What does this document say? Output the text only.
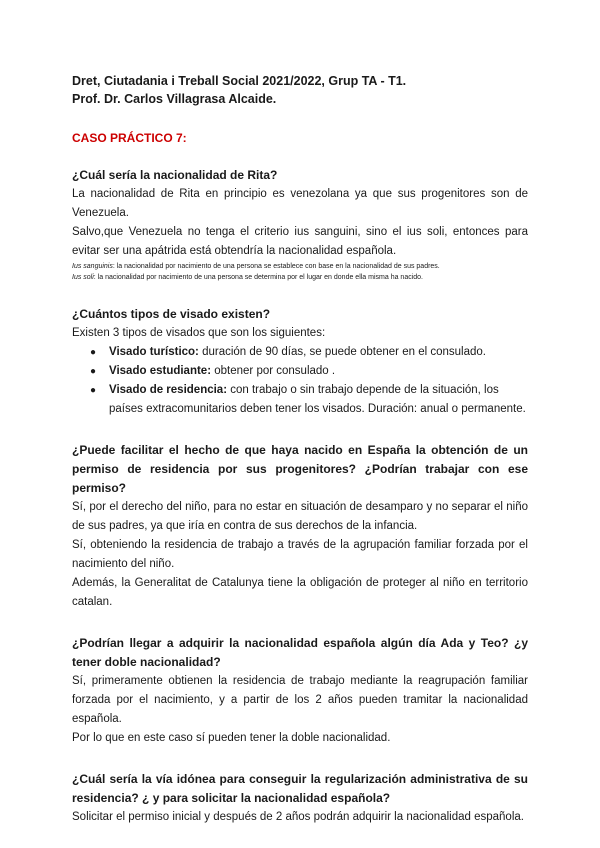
Dret, Ciutadania i Treball Social 2021/2022, Grup TA - T1.

Prof. Dr. Carlos Villagrasa Alcaide.

CASO PRÁCTICO 7:

¿Cuál sería la nacionalidad de Rita?

La nacionalidad de Rita en principio es venezolana ya que sus progenitores son de Venezuela.

Salvo,que Venezuela no tenga el criterio ius sanguini, sino el ius soli, entonces para evitar ser una apátrida está obtendría la nacionalidad española.

Ius sanguinis: la nacionalidad por nacimiento de una persona se establece con base en la nacionalidad de sus padres.

Ius soli: la nacionalidad por nacimiento de una persona se determina por el lugar en donde ella misma ha nacido.

¿Cuántos tipos de visado existen?

Existen 3 tipos de visados que son los siguientes:

● Visado turístico: duración de 90 días, se puede obtener en el consulado.
● Visado estudiante: obtener por consulado .
● Visado de residencia: con trabajo o sin trabajo depende de la situación, los países extracomunitarios deben tener los visados. Duración: anual o permanente.

¿Puede facilitar el hecho de que haya nacido en España la obtención de un permiso de residencia por sus progenitores? ¿Podrían trabajar con ese permiso?

Sí, por el derecho del niño, para no estar en situación de desamparo y no separar el niño de sus padres, ya que iría en contra de sus derechos de la infancia.

Sí, obteniendo la residencia de trabajo a través de la agrupación familiar forzada por el nacimiento del niño.

Además, la Generalitat de Catalunya tiene la obligación de proteger al niño en territorio catalan.

¿Podrían llegar a adquirir la nacionalidad española algún día Ada y Teo? ¿y tener doble nacionalidad?

Sí, primeramente obtienen la residencia de trabajo mediante la reagrupación familiar forzada por el nacimiento, y a partir de los 2 años pueden tramitar la nacionalidad española.

Por lo que en este caso sí pueden tener la doble nacionalidad.

¿Cuál sería la vía idónea para conseguir la regularización administrativa de su residencia? ¿ y para solicitar la nacionalidad española?

Solicitar el permiso inicial y después de 2 años podrán adquirir la nacionalidad española.
